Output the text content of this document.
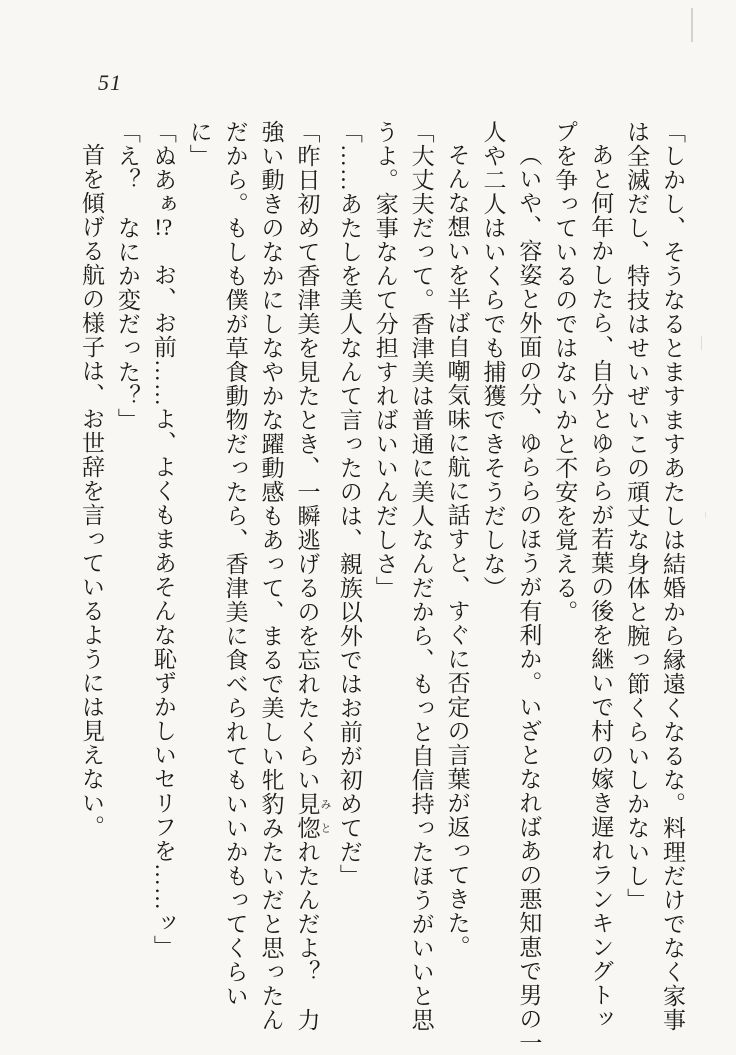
51
「しかし、そうなるとますますあたしは結婚から縁遠くなるな。料理だけでなく家事
は全滅だし、特技はせいぜいこの頑丈な身体と腕っ節くらいしかないし」
あと何年かしたら、自分とゆららが若葉の後を継いで村の嫁き遅れランキングトッ
プを争っているのではないかと不安を覚える。
（いや、容姿と外面の分、ゆららのほうが有利か。いざとなればあの悪知恵で男の一
人や二人はいくらでも捕獲できそうだしな）
そんな想いを半ば自嘲気味に航に話すと、すぐに否定の言葉が返ってきた。
「大丈夫だって。香津美は普通に美人なんだから、もっと自信持ったほうがいいと思
うよ。家事なんて分担すればいいんだしさ」
「……あたしを美人なんて言ったのは、親族以外ではお前が初めてだ」
「昨日初めて香津美を見たとき、一瞬逃げるのを忘れたくらい見惚 みとれたんだよ？　力
強い動きのなかにしなやかな躍動感もあって、まるで美しい牝豹みたいだと思ったん
だから。もしも僕が草食動物だったら、香津美に食べられてもいいかもってくらい
に」
「ぬあぁ!?　お、お前……よ、よくもまあそんな恥ずかしいセリフを……ッ」
「え？　なにか変だった？」
首を傾げる航の様子は、お世辞を言っているようには見えない。
